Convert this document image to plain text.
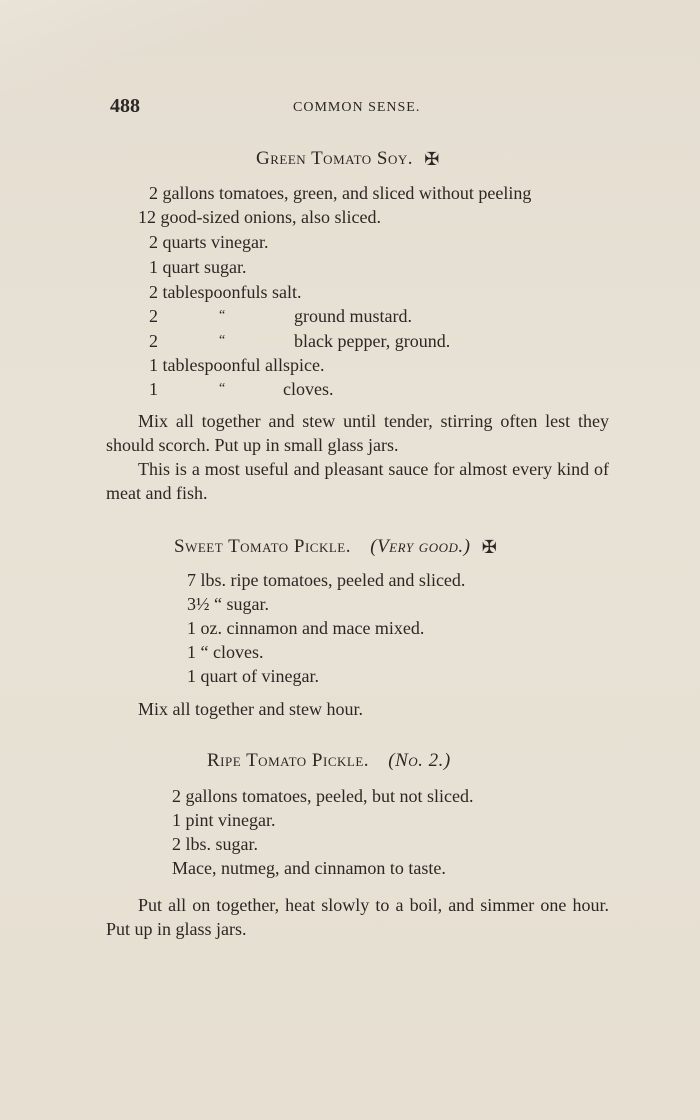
488	COMMON SENSE.
Green Tomato Soy. ✠
2 gallons tomatoes, green, and sliced without peeling
12 good-sized onions, also sliced.
2 quarts vinegar.
1 quart sugar.
2 tablespoonfuls salt.
2	“	ground mustard.
2	“	black pepper, ground.
1 tablespoonful allspice.
1	“	cloves.

Mix all together and stew until tender, stirring often lest they should scorch. Put up in small glass jars.

This is a most useful and pleasant sauce for almost every kind of meat and fish.

Sweet Tomato Pickle. (Very good.) ✠
7 lbs. ripe tomatoes, peeled and sliced.
3½ “ sugar.
1 oz. cinnamon and mace mixed.
1 “ cloves.
1 quart of vinegar.
Mix all together and stew hour.
Ripe Tomato Pickle. (No. 2.)
2 gallons tomatoes, peeled, but not sliced.
1 pint vinegar.
2 lbs. sugar.
Mace, nutmeg, and cinnamon to taste.

Put all on together, heat slowly to a boil, and simmer one hour. Put up in glass jars.
